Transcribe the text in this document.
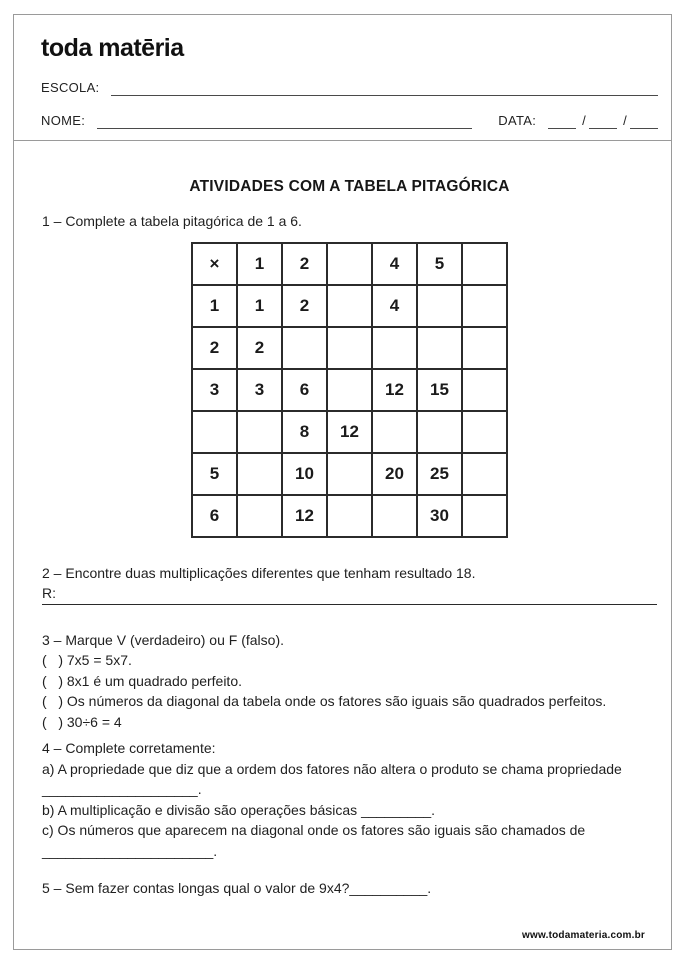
toda matēria
ESCOLA:
NOME:	DATA:	/	/
ATIVIDADES COM A TABELA PITAGÓRICA
1 – Complete a tabela pitagórica de 1 a 6.
×	1	2		4	5	
1	1	2		4		
2	2					
3	3	6		12	15	
		8	12			
5		10		20	25	
6		12			30	
2 – Encontre duas multiplicações diferentes que tenham resultado 18.
R:
3 – Marque V (verdadeiro) ou F (falso).
(   ) 7x5 = 5x7.
(   ) 8x1 é um quadrado perfeito.
(   ) Os números da diagonal da tabela onde os fatores são iguais são quadrados perfeitos.
(   ) 30÷6 = 4
4 – Complete corretamente:
a) A propriedade que diz que a ordem dos fatores não altera o produto se chama propriedade ____________________.
b) A multiplicação e divisão são operações básicas _________.
c) Os números que aparecem na diagonal onde os fatores são iguais são chamados de ______________________.
5 – Sem fazer contas longas qual o valor de 9x4?__________.
www.todamateria.com.br
